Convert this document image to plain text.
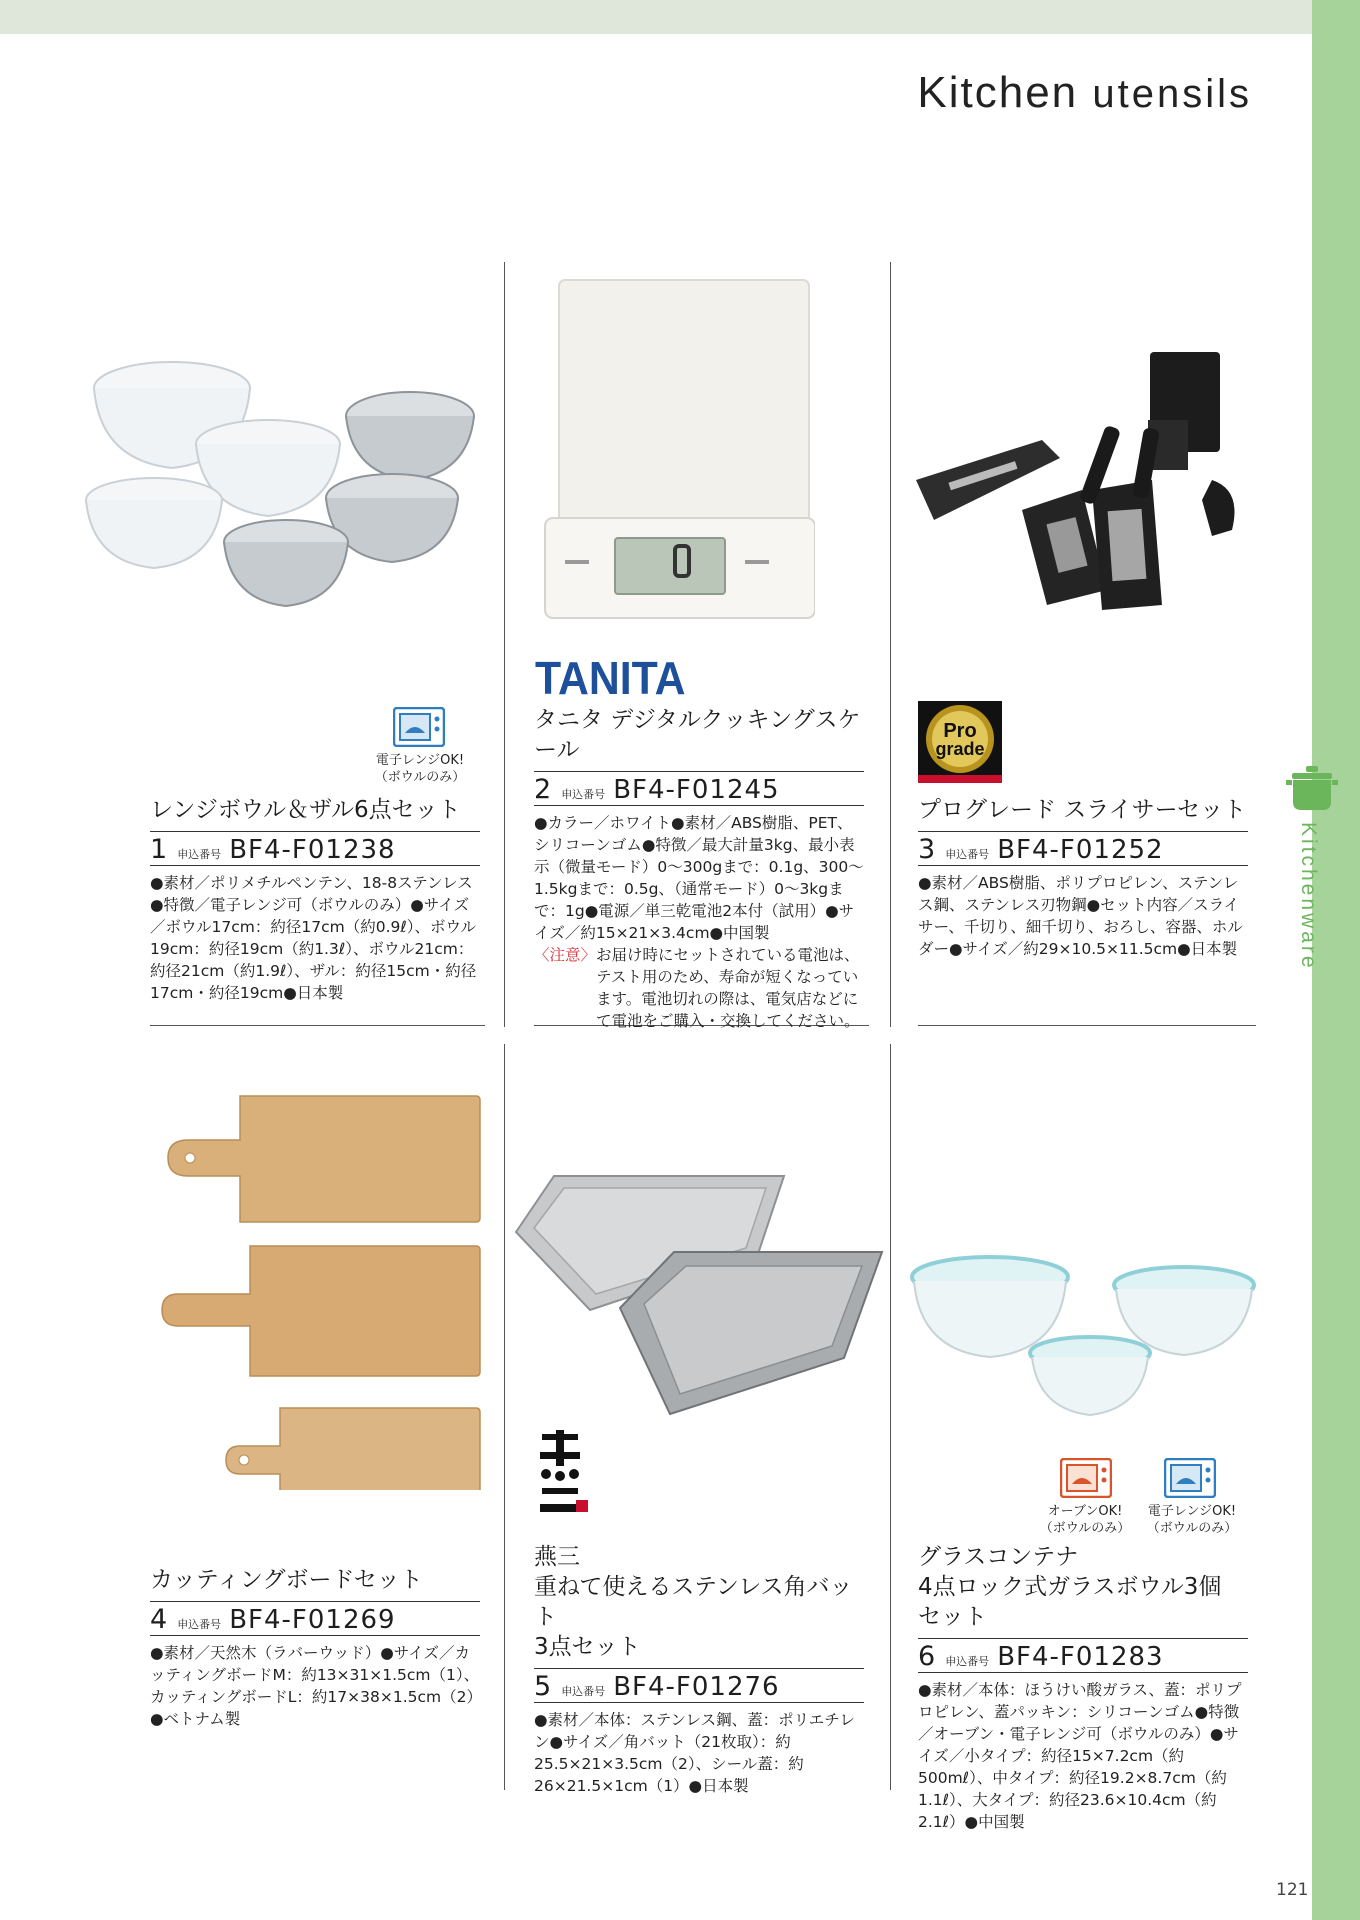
Kitchenware
Kitchen utensils
電子レンジOK!
（ボウルのみ）
レンジボウル＆ザル6点セット
1 申込番号 BF4-F01238
●素材／ポリメチルペンテン、18-8ステンレス●特徴／電子レンジ可（ボウルのみ）●サイズ／ボウル17cm：約径17cm（約0.9ℓ）、ボウル19cm：約径19cm（約1.3ℓ）、ボウル21cm：約径21cm（約1.9ℓ）、ザル：約径15cm・約径17cm・約径19cm●日本製
TANITA
タニタ デジタルクッキングスケール
2 申込番号 BF4-F01245
●カラー／ホワイト●素材／ABS樹脂、PET、シリコーンゴム●特徴／最大計量3kg、最小表示（微量モード）0～300gまで：0.1g、300～1.5kgまで：0.5g、（通常モード）0～3kgまで：1g●電源／単三乾電池2本付（試用）●サイズ／約15×21×3.4cm●中国製
〈注意〉 お届け時にセットされている電池は、テスト用のため、寿命が短くなっています。電池切れの際は、電気店などにて電池をご購入・交換してください。
Pro
grade
プログレード スライサーセット
3 申込番号 BF4-F01252
●素材／ABS樹脂、ポリプロピレン、ステンレス鋼、ステンレス刃物鋼●セット内容／スライサー、千切り、細千切り、おろし、容器、ホルダー●サイズ／約29×10.5×11.5cm●日本製
カッティングボードセット
4 申込番号 BF4-F01269
●素材／天然木（ラバーウッド）●サイズ／カッティングボードM：約13×31×1.5cm（1）、カッティングボードL：約17×38×1.5cm（2）●ベトナム製
燕三
重ねて使えるステンレス角バット
3点セット
5 申込番号 BF4-F01276
●素材／本体：ステンレス鋼、蓋：ポリエチレン●サイズ／角バット（21枚取）：約25.5×21×3.5cm（2）、シール蓋：約26×21.5×1cm（1）●日本製
オーブンOK!
（ボウルのみ）
電子レンジOK!
（ボウルのみ）
グラスコンテナ
4点ロック式ガラスボウル3個
セット
6 申込番号 BF4-F01283
●素材／本体：ほうけい酸ガラス、蓋：ポリプロピレン、蓋パッキン：シリコーンゴム●特徴／オーブン・電子レンジ可（ボウルのみ）●サイズ／小タイプ：約径15×7.2cm（約500mℓ）、中タイプ：約径19.2×8.7cm（約1.1ℓ）、大タイプ：約径23.6×10.4cm（約2.1ℓ）●中国製
121
